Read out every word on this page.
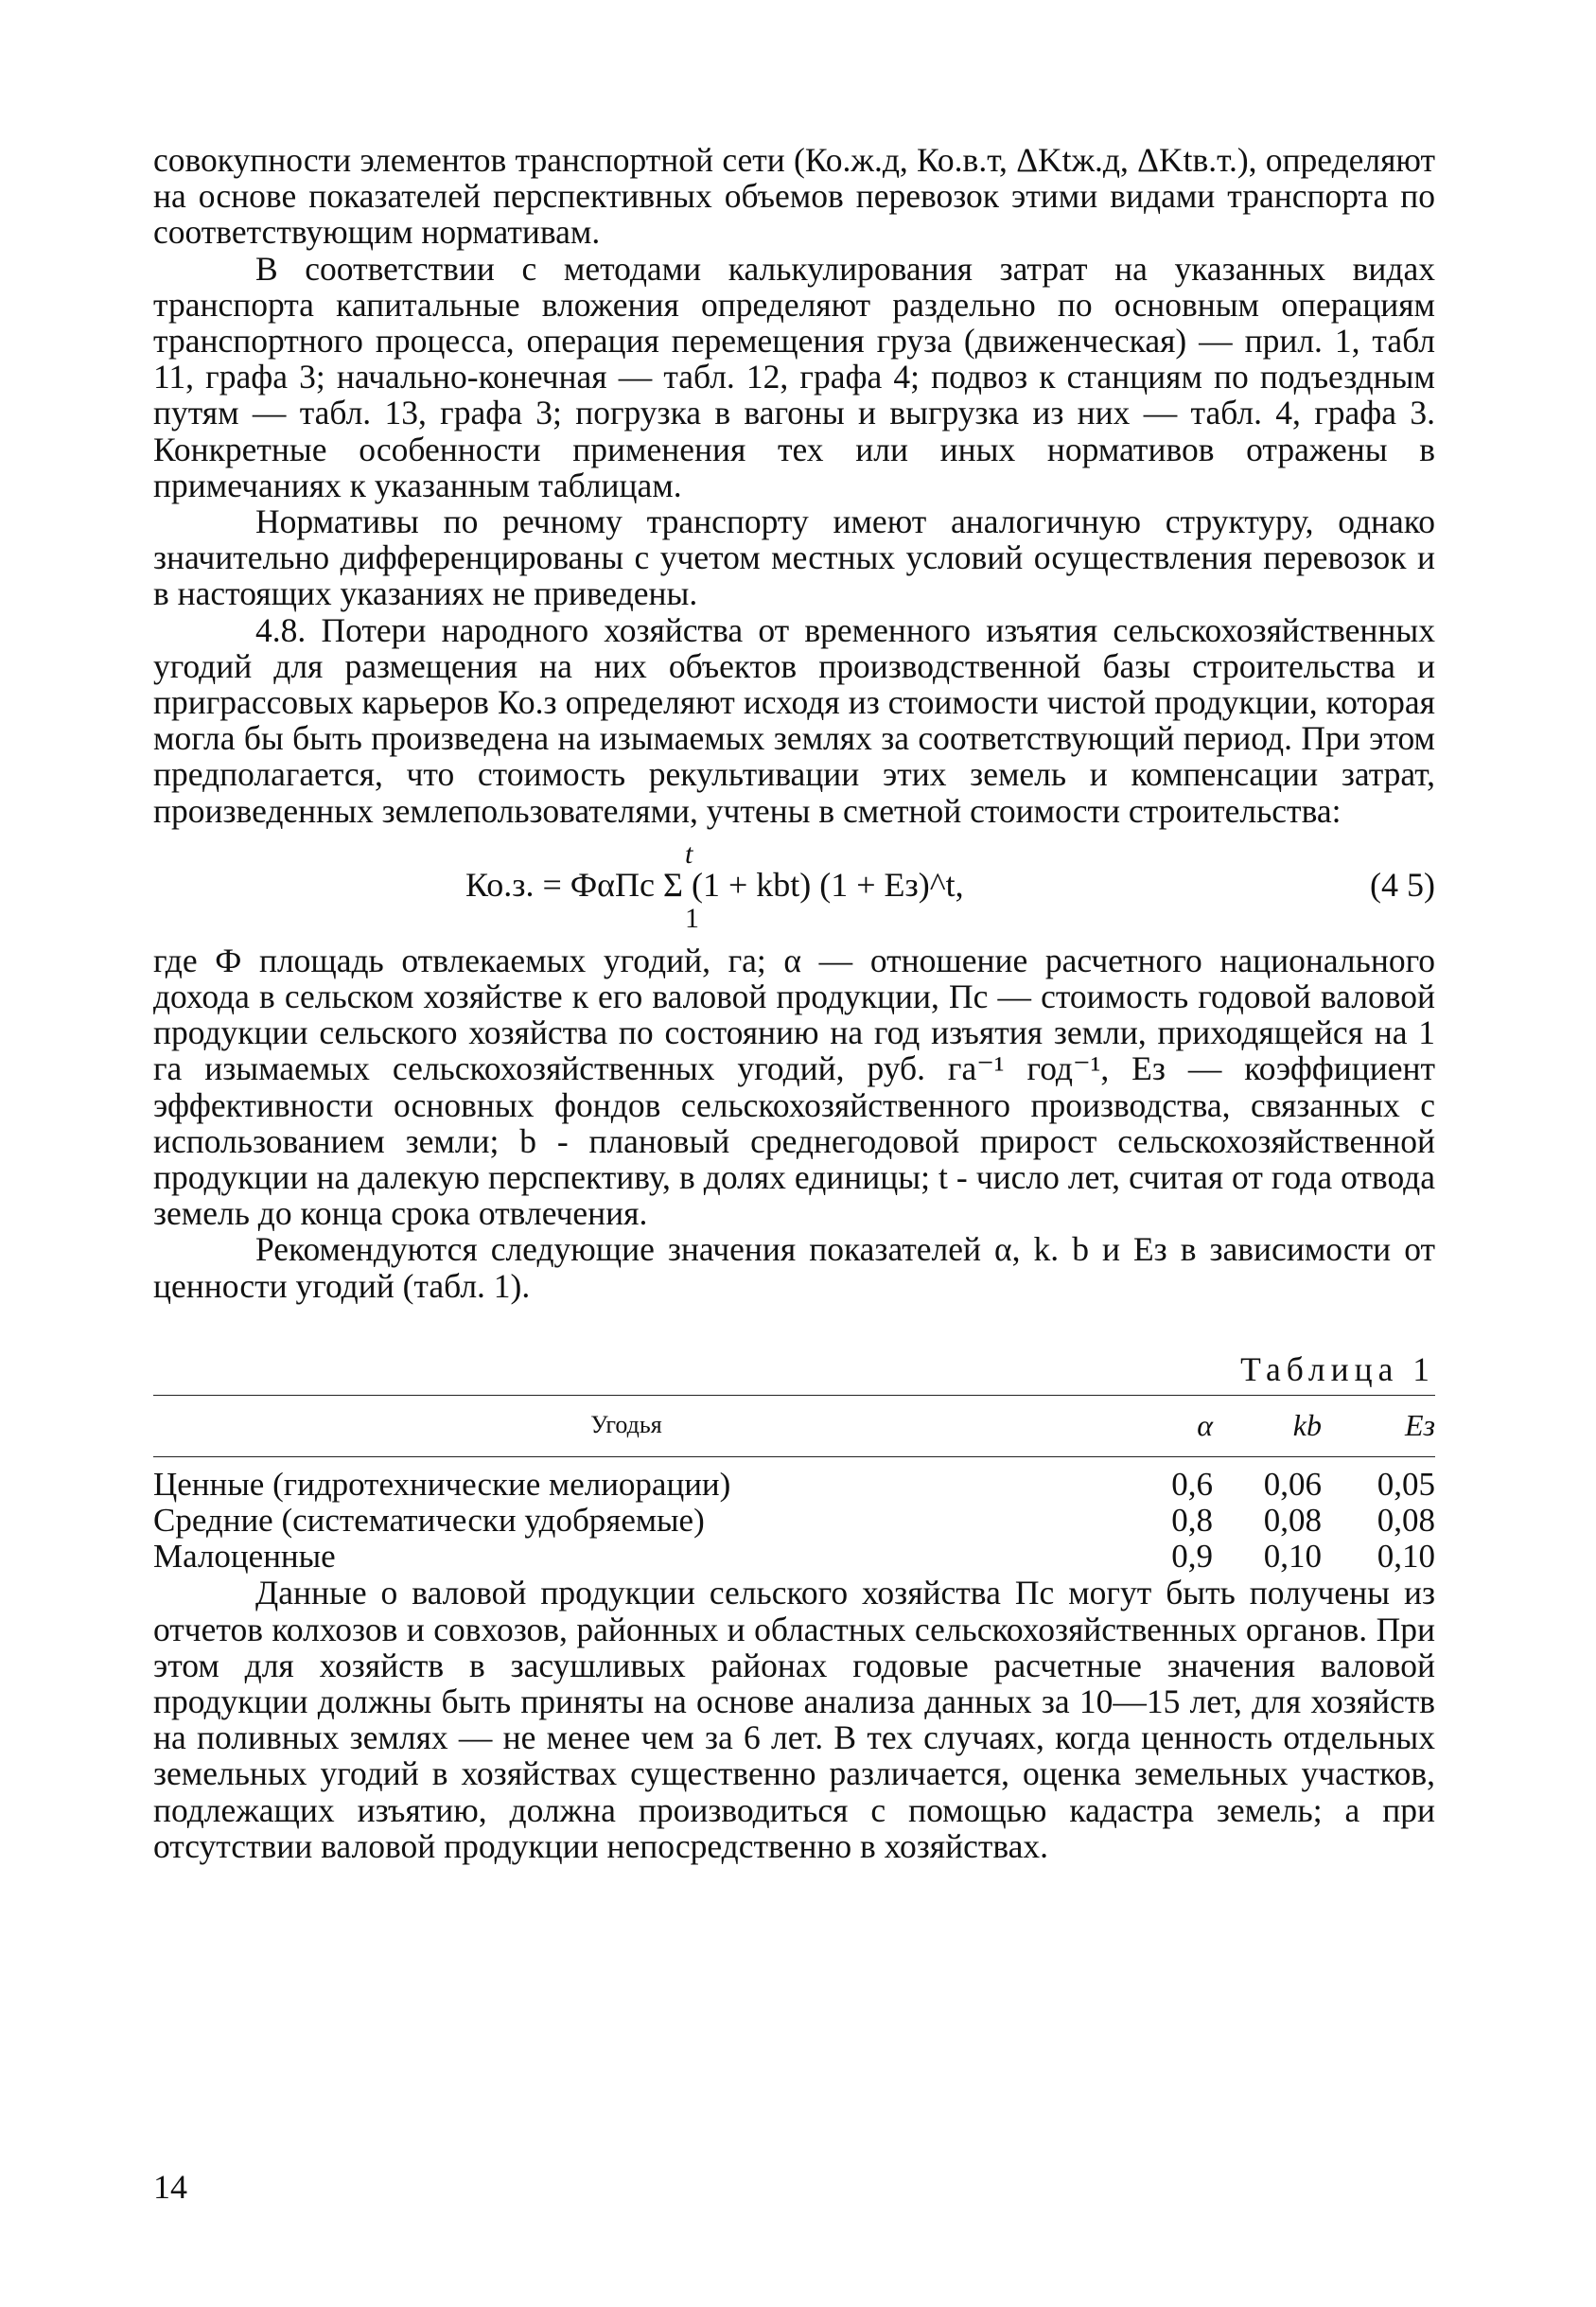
совокупности элементов транспортной сети (Ко.ж.д, Ко.в.т, ΔKtж.д, ΔKtв.т.), определяют на основе показателей перспективных объемов перевозок этими видами транспорта по соответствующим нормативам.

В соответствии с методами калькулирования затрат на указанных видах транспорта капитальные вложения определяют раздельно по основным операциям транспортного процесса, операция перемещения груза (движенческая) — прил. 1, табл 11, графа 3; начально-конечная — табл. 12, графа 4; подвоз к станциям по подъездным путям — табл. 13, графа 3; погрузка в вагоны и выгрузка из них — табл. 4, графа 3. Конкретные особенности применения тех или иных нормативов отражены в примечаниях к указанным таблицам.

Нормативы по речному транспорту имеют аналогичную структуру, однако значительно дифференцированы с учетом местных условий осуществления перевозок и в настоящих указаниях не приведены.

4.8. Потери народного хозяйства от временного изъятия сельскохозяйственных угодий для размещения на них объектов производственной базы строительства и приграссовых карьеров Ко.з определяют исходя из стоимости чистой продукции, которая могла бы быть произведена на изымаемых землях за соответствующий период. При этом предполагается, что стоимость рекультивации этих земель и компенсации затрат, произведенных землепользователями, учтены в сметной стоимости строительства:

t
Ко.з. = ФαПс Σ (1 + kbt) (1 + Eз)^t,
1
(4 5)

где Ф площадь отвлекаемых угодий, га; α — отношение расчетного национального дохода в сельском хозяйстве к его валовой продукции, Пс — стоимость годовой валовой продукции сельского хозяйства по состоянию на год изъятия земли, приходящейся на 1 га изымаемых сельскохозяйственных угодий, руб. га⁻¹ год⁻¹, Eз — коэффициент эффективности основных фондов сельскохозяйственного производства, связанных с использованием земли; b - плановый среднегодовой прирост сельскохозяйственной продукции на далекую перспективу, в долях единицы; t - число лет, считая от года отвода земель до конца срока отвлечения.

Рекомендуются следующие значения показателей α, k. b и Eз в зависимости от ценности угодий (табл. 1).

Таблица 1
Угодья	α	kb	Eз
Ценные (гидротехнические мелиорации)	0,6	0,06	0,05
Средние (систематически удобряемые)	0,8	0,08	0,08
Малоценные	0,9	0,10	0,10

Данные о валовой продукции сельского хозяйства Пс могут быть получены из отчетов колхозов и совхозов, районных и областных сельскохозяйственных органов. При этом для хозяйств в засушливых районах годовые расчетные значения валовой продукции должны быть приняты на основе анализа данных за 10—15 лет, для хозяйств на поливных землях — не менее чем за 6 лет. В тех случаях, когда ценность отдельных земельных угодий в хозяйствах существенно различается, оценка земельных участков, подлежащих изъятию, должна производиться с помощью кадастра земель; а при отсутствии валовой продукции непосредственно в хозяйствах.

14
